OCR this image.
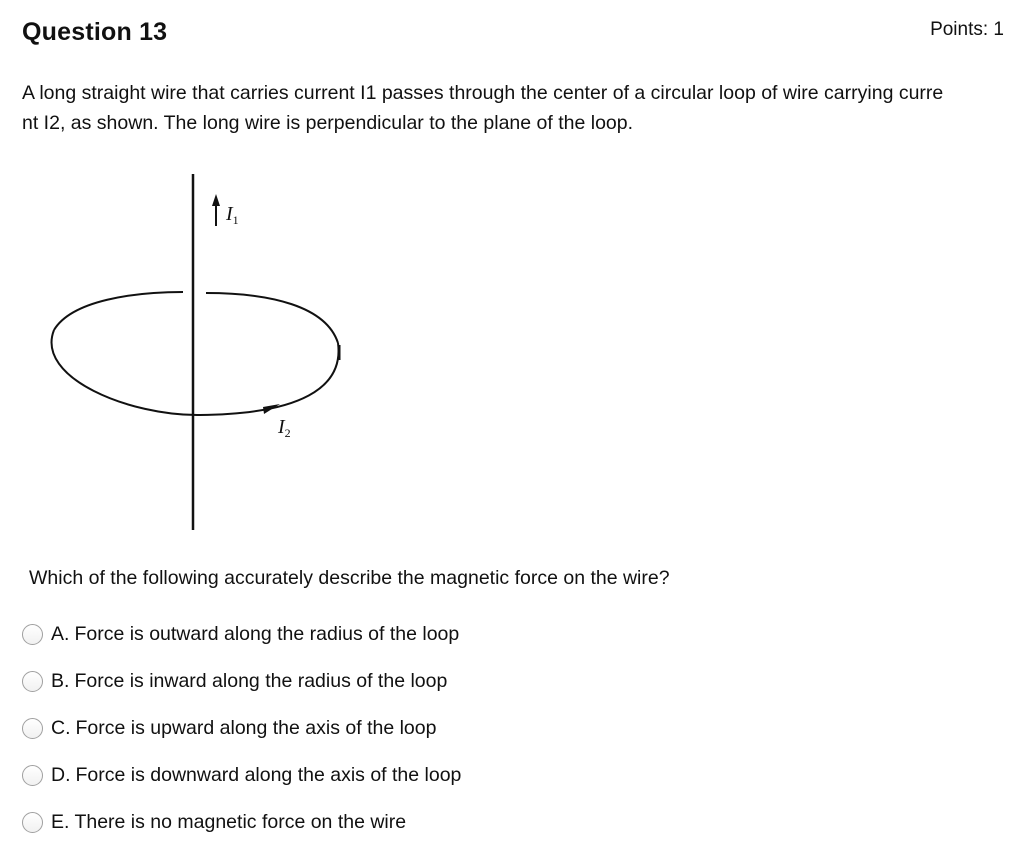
Question 13	Points: 1
A long straight wire that carries current I1 passes through the center of a circular loop of wire carrying curre
nt I2, as shown. The long wire is perpendicular to the plane of the loop.
$I_1$
$I_2$
Which of the following accurately describe the magnetic force on the wire?
A. Force is outward along the radius of the loop
B. Force is inward along the radius of the loop
C. Force is upward along the axis of the loop
D. Force is downward along the axis of the loop
E. There is no magnetic force on the wire
